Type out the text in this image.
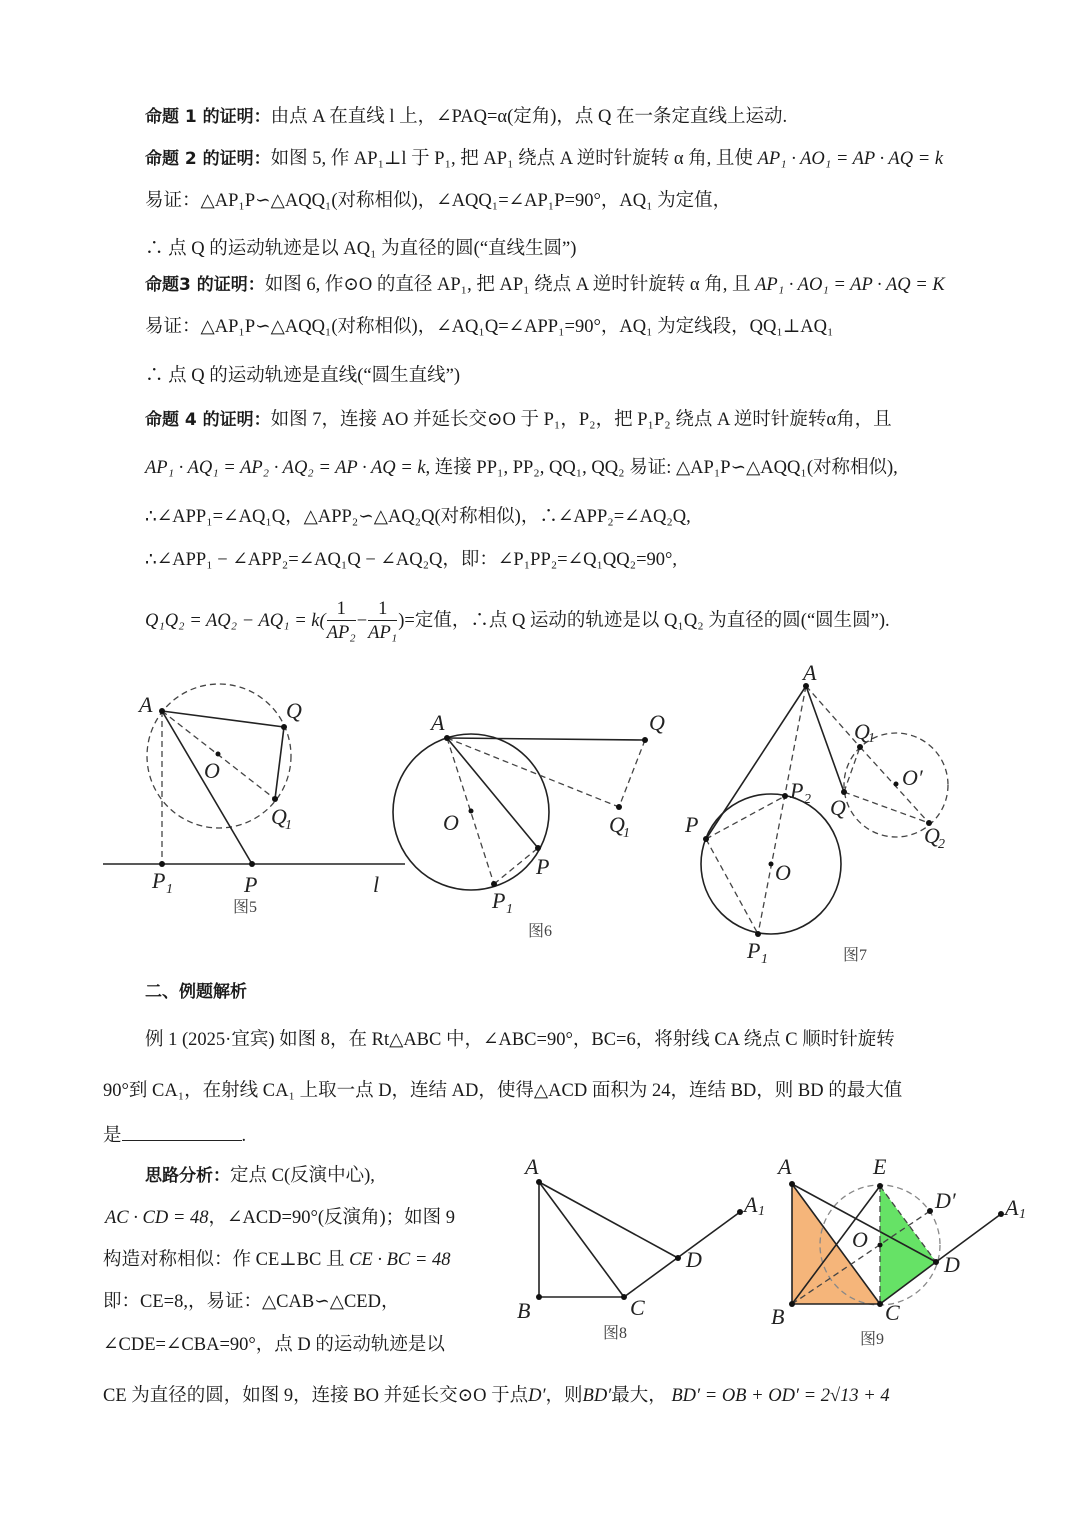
命题 1 的证明：由点 A 在直线 l 上，∠PAQ=α(定角)，点 Q 在一条定直线上运动.
命题 2 的证明：如图 5, 作 AP₁⊥l 于 P₁, 把 AP₁ 绕点 A 逆时针旋转 α 角, 且使 AP₁ · AO₁ = AP · AQ = k
易证：△AP₁P∽△AQQ₁(对称相似)，∠AQQ₁=∠AP₁P=90°，AQ₁ 为定值，
∴ 点 Q 的运动轨迹是以 AQ₁ 为直径的圆(“直线生圆”)
命题3 的证明：如图 6, 作⊙O 的直径 AP₁, 把 AP₁ 绕点 A 逆时针旋转 α 角, 且 AP₁ · AO₁ = AP · AQ = K
易证：△AP₁P∽△AQQ₁(对称相似)，∠AQ₁Q=∠APP₁=90°，AQ₁ 为定线段，QQ₁⊥AQ₁
∴ 点 Q 的运动轨迹是直线(“圆生直线”)
命题 4 的证明：如图 7，连接 AO 并延长交⊙O 于 P₁，P₂，把 P₁P₂ 绕点 A 逆时针旋转α角，且
AP₁ · AQ₁ = AP₂ · AQ₂ = AP · AQ = k, 连接 PP₁, PP₂, QQ₁, QQ₂ 易证: △AP₁P∽△AQQ₁(对称相似),
∴∠APP₁=∠AQ₁Q，△APP₂∽△AQ₂Q(对称相似)，∴∠APP₂=∠AQ₂Q,
∴∠APP₁ − ∠APP₂=∠AQ₁Q − ∠AQ₂Q，即：∠P₁PP₂=∠Q₁QQ₂=90°,
$Q_1Q_2 = AQ_2 - AQ_1 = k( \frac{1}{\text{AP₂}} - \frac{1}{\text{AP₁}}$ )=定值，∴点 Q 运动的轨迹是以 Q₁Q₂ 为直径的圆(“圆生圆”).
A	Q
O
Q
1
P 1	P	l
图5
A	Q
O	Q
1
P
P 1
图6
A
Q
1
O′
P 2
P
Q
Q
2
O
P 1	图7
二、例题解析
例 1 (2025·宜宾) 如图 8，在 Rt△ABC 中，∠ABC=90°，BC=6，将射线 CA 绕点 C 顺时针旋转
90°到 CA₁，在射线 CA₁ 上取一点 D，连结 AD，使得△ACD 面积为 24，连结 BD，则 BD 的最大值
是	.
思路分析：定点 C(反演中心),
AC · CD = 48，∠ACD=90°(反演角)；如图 9
构造对称相似：作 CE⊥BC 且 CE · BC = 48
即：CE=8,，易证：△CAB∽△CED，
∠CDE=∠CBA=90°，点 D 的运动轨迹是以
CE 为直径的圆，如图 9，连接 BO 并延长交⊙O 于点D′，则BD′最大， BD′ = OB + OD′ = 2√13 + 4
A
A 1
D
B	C
图8
A	E
D′ A 1
O
D
B	C
图9
